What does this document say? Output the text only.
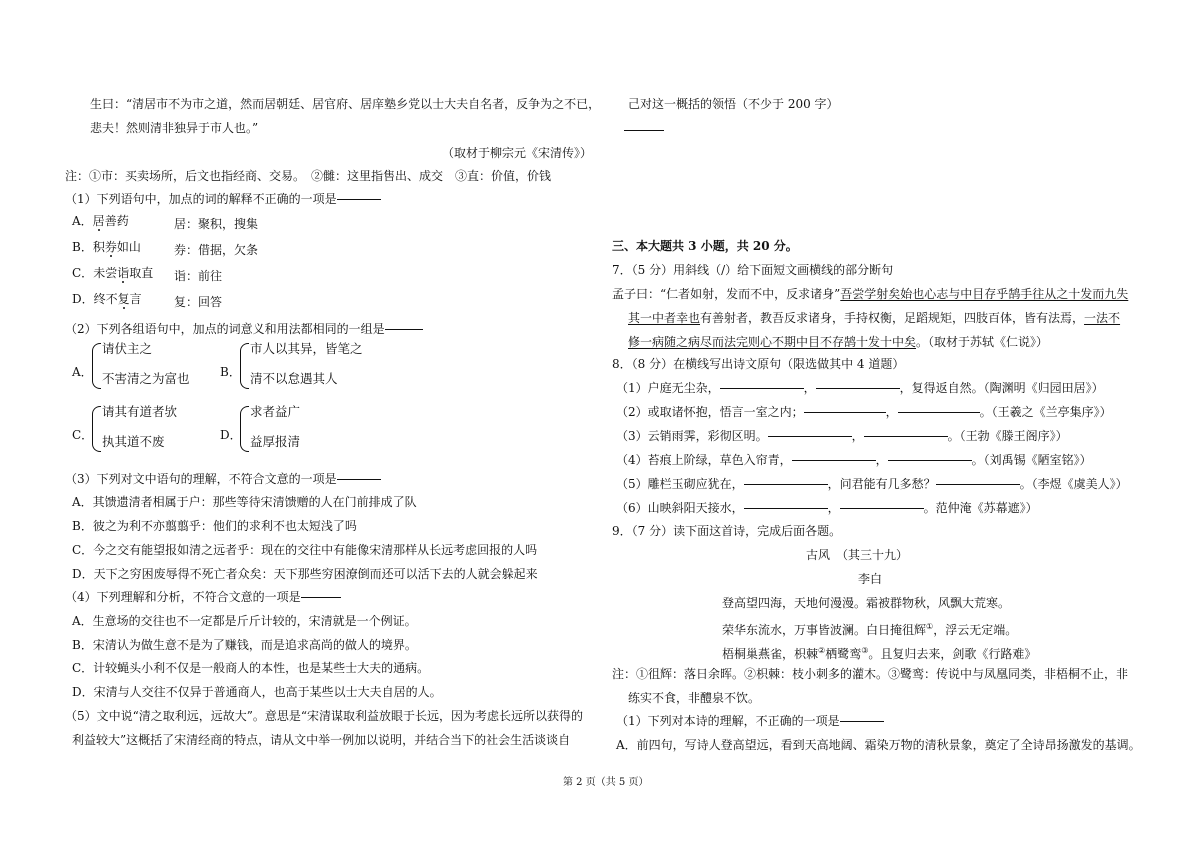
生曰：“清居市不为市之道，然而居朝廷、居官府、居庠塾乡党以士大夫自名者，反争为之不已，
悲夫！然则清非独异于市人也。”
（取材于柳宗元《宋清传》）
注：①市：买卖场所，后文也指经商、交易。　②雠：这里指售出、成交　③直：价值，价钱
（1）下列语句中，加点的词的解释不正确的一项是
A．居善药	居：聚积，搜集
B．积券如山	券：借据，欠条
C．未尝诣取直 诣：前往
D．终不复言	复：回答
（2）下列各组语句中，加点的词意义和用法都相同的一组是
A．
请伏主之
不害清之为富也	B．
市人以其异，皆笔之
清不以怠遇其人
C．
请其有道者欤
执其道不废	D．
求者益广
益厚报清
（3）下列对文中语句的理解，不符合文意的一项是
A．其馈遗清者相属于户：那些等待宋清馈赠的人在门前排成了队
B．彼之为利不亦翦翦乎：他们的求利不也太短浅了吗
C．今之交有能望报如清之远者乎：现在的交往中有能像宋清那样从长远考虑回报的人吗
D．天下之穷困废辱得不死亡者众矣：天下那些穷困潦倒而还可以活下去的人就会躲起来
（4）下列理解和分析，不符合文意的一项是
A．生意场的交往也不一定都是斤斤计较的，宋清就是一个例证。
B．宋清认为做生意不是为了赚钱，而是追求高尚的做人的境界。
C．计较蝇头小利不仅是一般商人的本性，也是某些士大夫的通病。
D．宋清与人交往不仅异于普通商人，也高于某些以士大夫自居的人。
（5）文中说“清之取利远，远故大”。意思是“宋清谋取利益放眼于长远，因为考虑长远所以获得的
利益较大”这概括了宋清经商的特点，请从文中举一例加以说明，并结合当下的社会生活谈谈自
己对这一概括的领悟（不少于 200 字）
三、本大题共 3 小题，共 20 分。
7．（5 分）用斜线（/）给下面短文画横线的部分断句
孟子曰：“仁者如射，发而不中，反求诸身”吾尝学射矣始也心志与中目存乎鹄手往从之十发而九失
其一中者幸也有善射者，教吾反求诸身，手持权衡，足蹈规矩，四肢百体，皆有法焉，一法不
修一病随之病尽而法完则心不期中目不存鹄十发十中矣。（取材于苏轼《仁说》）
8．（8 分）在横线写出诗文原句（限选做其中 4 道题）
（1）户庭无尘杂，	，	，复得返自然。（陶渊明《归园田居》）
（2）或取诸怀抱，悟言一室之内；	，	。（王羲之《兰亭集序》）
（3）云销雨霁，彩彻区明。	，	。（王勃《滕王阁序》）
（4）苔痕上阶绿，草色入帘青，	，	。（刘禹锡《陋室铭》）
（5）雕栏玉砌应犹在，	，问君能有几多愁？	。（李煜《虞美人》）
（6）山映斜阳天接水，	，	。范仲淹《苏幕遮》）
9．（7 分）读下面这首诗，完成后面各题。
古风　（其三十九）
李白
登高望四海，天地何漫漫。霜被群物秋，风飘大荒寒。
荣华东流水，万事皆波澜。白日掩徂辉①，浮云无定端。
梧桐巢燕雀，枳棘②栖鹭鸾③。且复归去来，剑歌《行路难》
注：①徂辉：落日余晖。②枳棘：枝小刺多的灌木。③鹭鸾：传说中与凤凰同类，非梧桐不止，非
练实不食，非醴泉不饮。
（1）下列对本诗的理解，不正确的一项是
A．前四句，写诗人登高望远，看到天高地阔、霜染万物的清秋景象，奠定了全诗昂扬激发的基调。
第 2 页（共 5 页）
